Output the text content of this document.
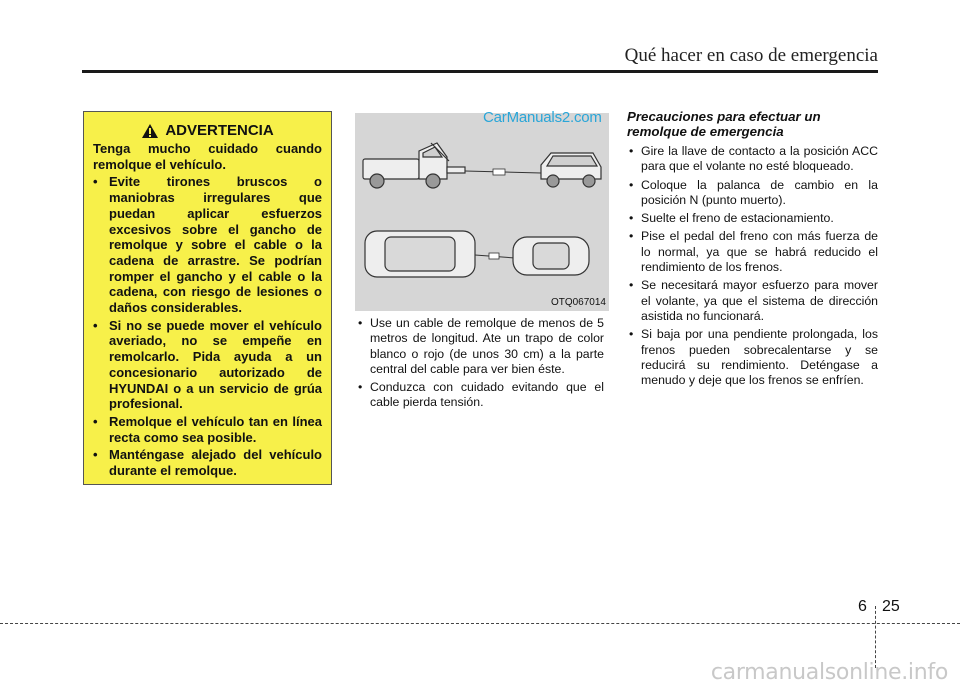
Qué hacer en caso de emergencia
ADVERTENCIA
Tenga mucho cuidado cuando remolque el vehículo.
• Evite tirones bruscos o maniobras irregulares que puedan aplicar esfuerzos excesivos sobre el gancho de remolque y sobre el cable o la cadena de arrastre. Se podrían romper el gancho y el cable o la cadena, con riesgo de lesiones o daños considerables.
• Si no se puede mover el vehículo averiado, no se empeñe en remolcarlo. Pida ayuda a un concesionario autorizado de HYUNDAI o a un servicio de grúa profesional.
• Remolque el vehículo tan en línea recta como sea posible.
• Manténgase alejado del vehículo durante el remolque.
OTQ067014
CarManuals2.com
• Use un cable de remolque de menos de 5 metros de longitud. Ate un trapo de color blanco o rojo (de unos 30 cm) a la parte central del cable para ver bien éste.
• Conduzca con cuidado evitando que el cable pierda tensión.
Precauciones para efectuar un remolque de emergencia
• Gire la llave de contacto a la posición ACC para que el volante no esté bloqueado.
• Coloque la palanca de cambio en la posición N (punto muerto).
• Suelte el freno de estacionamiento.
• Pise el pedal del freno con más fuerza de lo normal, ya que se habrá reducido el rendimiento de los frenos.
• Se necesitará mayor esfuerzo para mover el volante, ya que el sistema de dirección asistida no funcionará.
• Si baja por una pendiente prolongada, los frenos pueden sobrecalentarse y se reducirá su rendimiento. Deténgase a menudo y deje que los frenos se enfríen.
6 25
carmanualsonline.info
